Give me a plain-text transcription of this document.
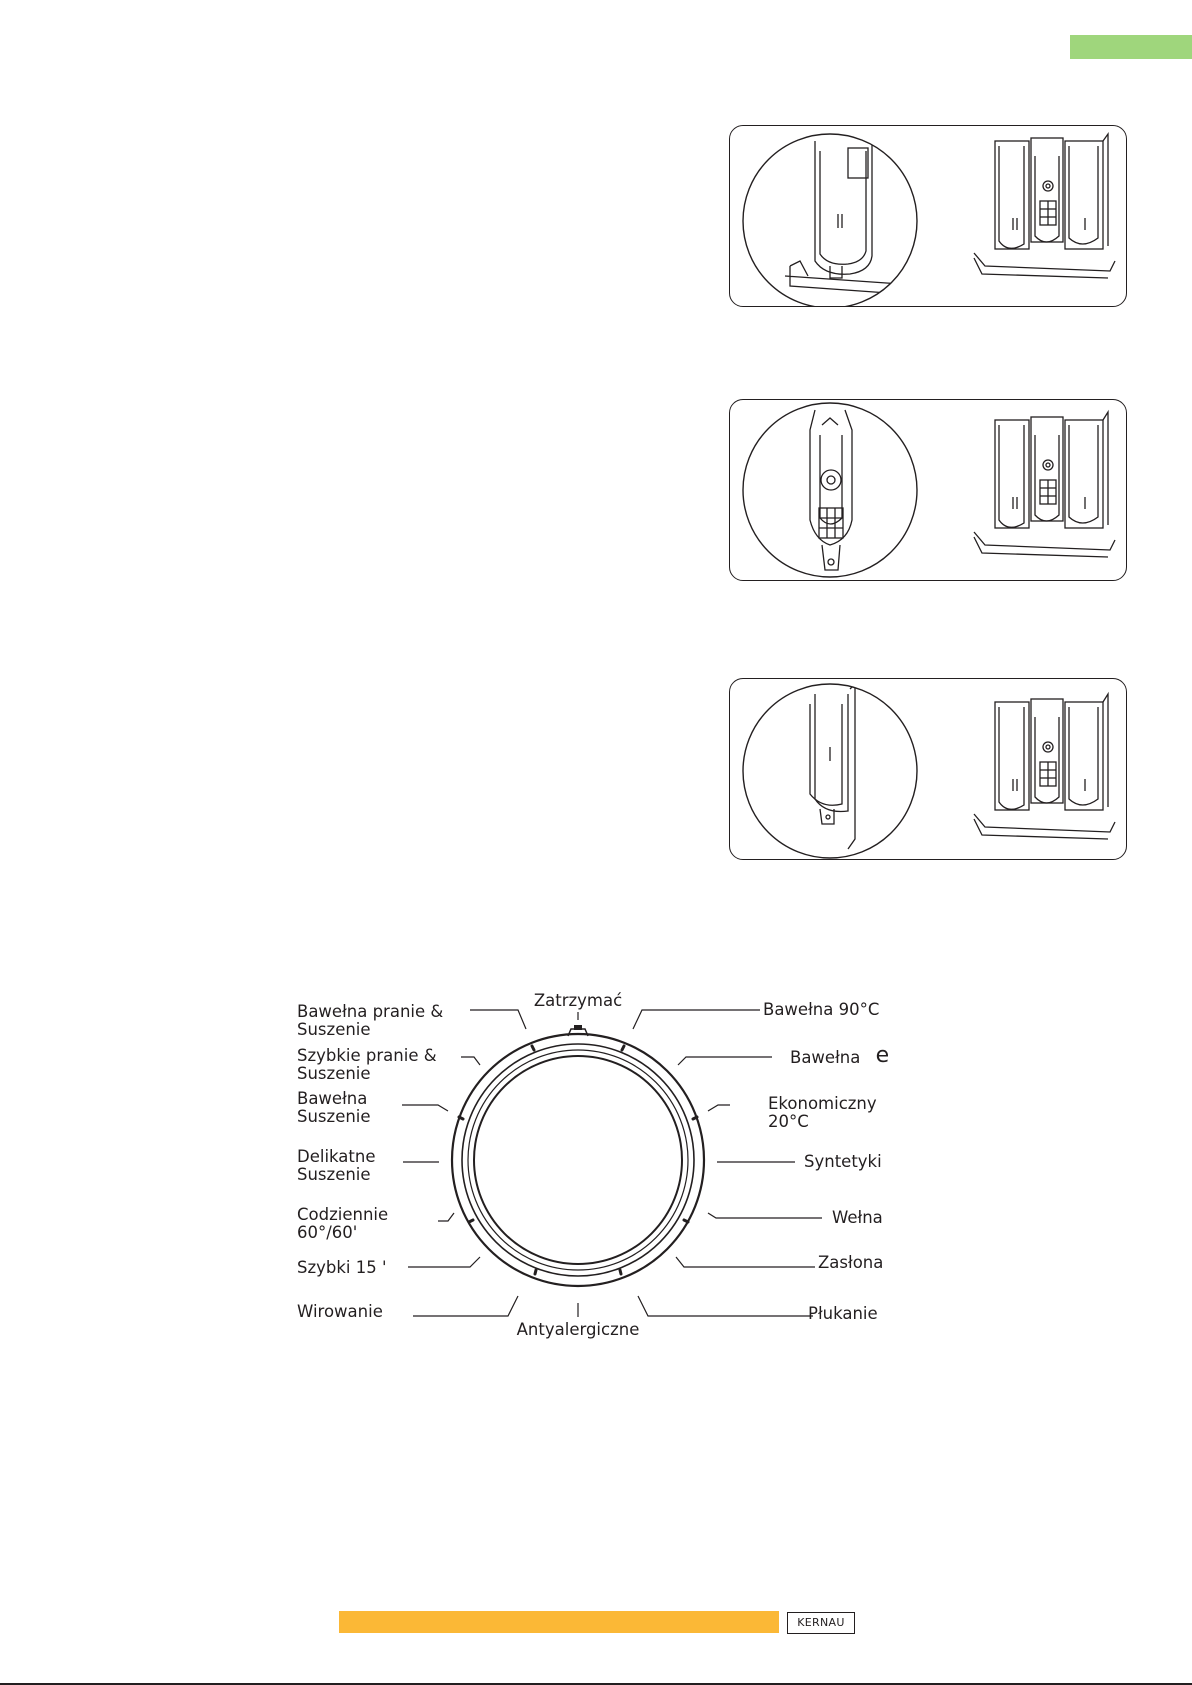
Zatrzymać
Bawełna pranie &
Suszenie
Szybkie pranie &
Suszenie
Bawełna
Suszenie
Delikatne
Suszenie
Codziennie
60°/60'
Szybki 15 '
Wirowanie
Antyalergiczne
Bawełna 90°C
Bawełna e
Ekonomiczny
20°C
Syntetyki
Wełna
Zasłona
Płukanie
KERNAU
